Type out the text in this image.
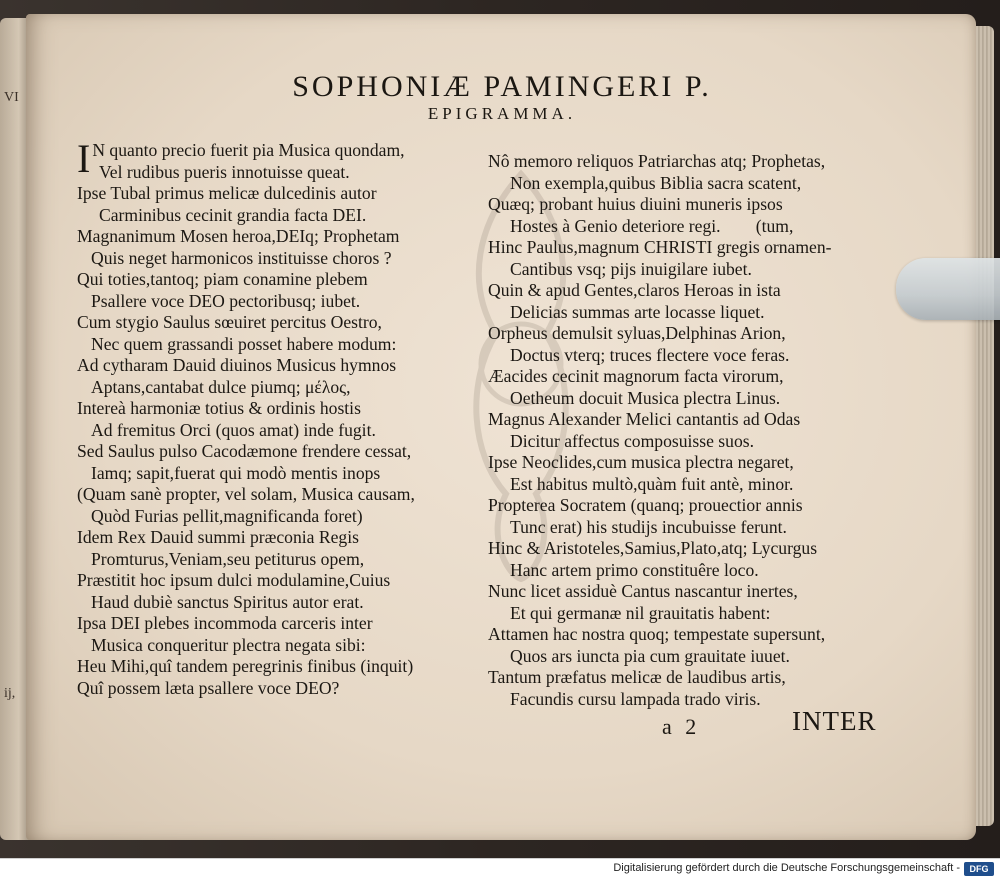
VI
ij,
SOPHONIÆ PAMINGERI P.
EPIGRAMMA.
I N quanto precio fuerit pia Musica quondam,
Vel rudibus pueris innotuisse queat.
Ipse Tubal primus melicæ dulcedinis autor
Carminibus cecinit grandia facta DEI.
Magnanimum Mosen heroa,DEIq; Prophetam
Quis neget harmonicos instituisse choros ?
Qui toties,tantoq; piam conamine plebem
Psallere voce DEO pectoribusq; iubet.
Cum stygio Saulus sœuiret percitus Oestro,
Nec quem grassandi posset habere modum:
Ad cytharam Dauid diuinos Musicus hymnos
Aptans,cantabat dulce piumq; μέλος,
Intereà harmoniæ totius & ordinis hostis
Ad fremitus Orci (quos amat) inde fugit.
Sed Saulus pulso Cacodæmone frendere cessat,
Iamq; sapit,fuerat qui modò mentis inops
(Quam sanè propter, vel solam, Musica causam,
Quòd Furias pellit,magnificanda foret)
Idem Rex Dauid summi præconia Regis
Promturus,Veniam,seu petiturus opem,
Præstitit hoc ipsum dulci modulamine,Cuius
Haud dubiè sanctus Spiritus autor erat.
Ipsa DEI plebes incommoda carceris inter
Musica conqueritur plectra negata sibi:
Heu Mihi,quî tandem peregrinis finibus (inquit)
Quî possem læta psallere voce DEO?
Nô memoro reliquos Patriarchas atq; Prophetas,
Non exempla,quibus Biblia sacra scatent,
Quæq; probant huius diuini muneris ipsos
Hostes à Genio deteriore regi.        (tum,
Hinc Paulus,magnum CHRISTI gregis ornamen-
Cantibus vsq; pijs inuigilare iubet.
Quin & apud Gentes,claros Heroas in ista
Delicias summas arte locasse liquet.
Orpheus demulsit syluas,Delphinas Arion,
Doctus vterq; truces flectere voce feras.
Æacides cecinit magnorum facta virorum,
Oetheum docuit Musica plectra Linus.
Magnus Alexander Melici cantantis ad Odas
Dicitur affectus composuisse suos.
Ipse Neoclides,cum musica plectra negaret,
Est habitus multò,quàm fuit antè, minor.
Propterea Socratem (quanq; prouectior annis
Tunc erat) his studijs incubuisse ferunt.
Hinc & Aristoteles,Samius,Plato,atq; Lycurgus
Hanc artem primo constituêre loco.
Nunc licet assiduè Cantus nascantur inertes,
Et qui germanæ nil grauitatis habent:
Attamen hac nostra quoq; tempestate supersunt,
Quos ars iuncta pia cum grauitate iuuet.
Tantum præfatus melicæ de laudibus artis,
Facundis cursu lampada trado viris.
a 2	INTER
Digitalisierung gefördert durch die Deutsche Forschungsgemeinschaft -	DFG
